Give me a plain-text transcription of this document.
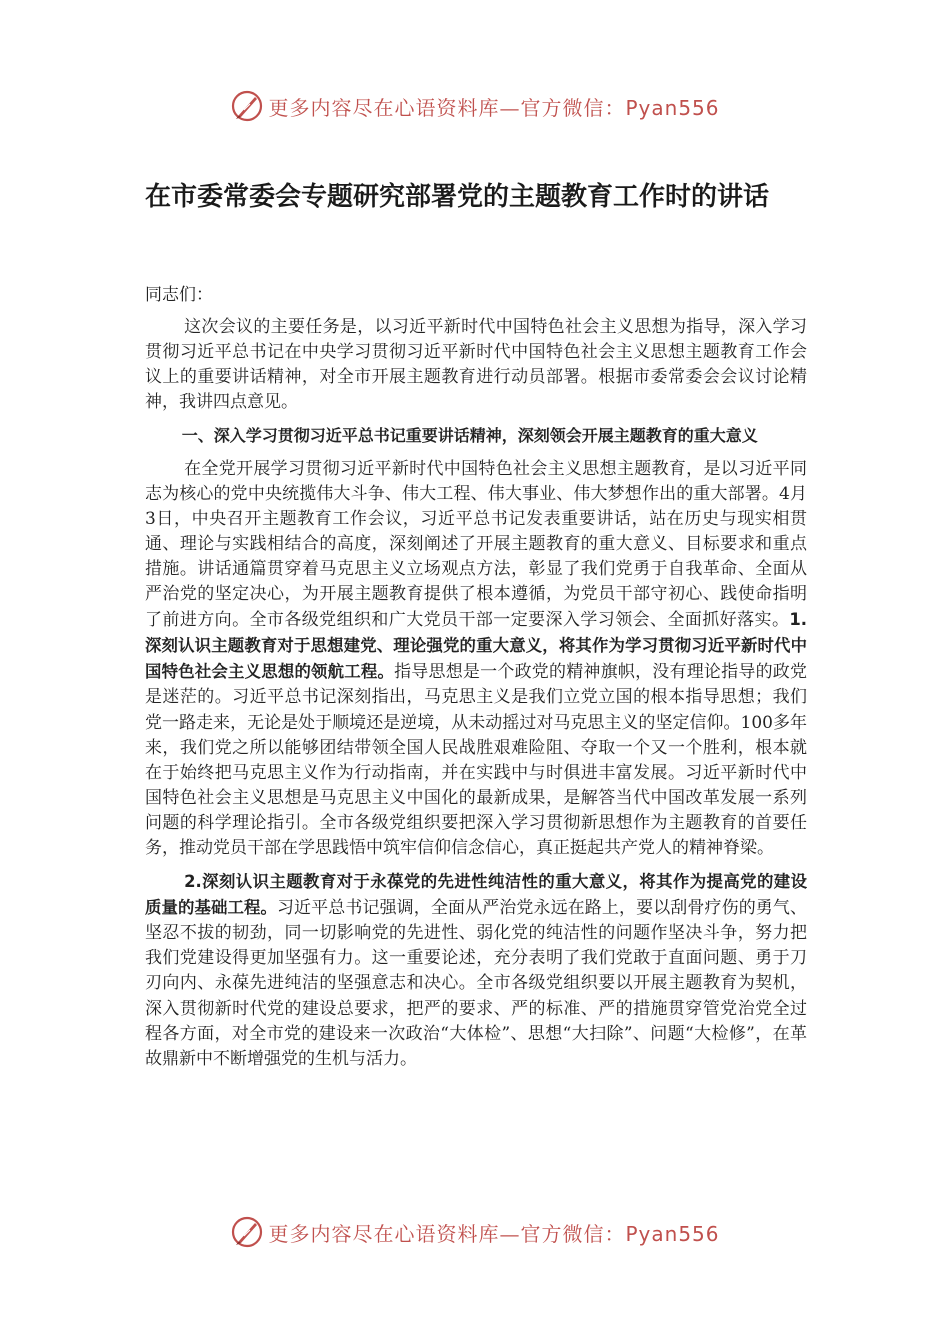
更多内容尽在心语资料库—官方微信：Pyan556
在市委常委会专题研究部署党的主题教育工作时的讲话

同志们：

这次会议的主要任务是，以习近平新时代中国特色社会主义思想为指导，深入学习贯彻习近平总书记在中央学习贯彻习近平新时代中国特色社会主义思想主题教育工作会议上的重要讲话精神，对全市开展主题教育进行动员部署。根据市委常委会会议讨论精神，我讲四点意见。

一、深入学习贯彻习近平总书记重要讲话精神，深刻领会开展主题教育的重大意义

在全党开展学习贯彻习近平新时代中国特色社会主义思想主题教育，是以习近平同志为核心的党中央统揽伟大斗争、伟大工程、伟大事业、伟大梦想作出的重大部署。4月3日，中央召开主题教育工作会议，习近平总书记发表重要讲话，站在历史与现实相贯通、理论与实践相结合的高度，深刻阐述了开展主题教育的重大意义、目标要求和重点措施。讲话通篇贯穿着马克思主义立场观点方法，彰显了我们党勇于自我革命、全面从严治党的坚定决心，为开展主题教育提供了根本遵循，为党员干部守初心、践使命指明了前进方向。全市各级党组织和广大党员干部一定要深入学习领会、全面抓好落实。1.深刻认识主题教育对于思想建党、理论强党的重大意义，将其作为学习贯彻习近平新时代中国特色社会主义思想的领航工程。指导思想是一个政党的精神旗帜，没有理论指导的政党是迷茫的。习近平总书记深刻指出，马克思主义是我们立党立国的根本指导思想；我们党一路走来，无论是处于顺境还是逆境，从未动摇过对马克思主义的坚定信仰。100多年来，我们党之所以能够团结带领全国人民战胜艰难险阻、夺取一个又一个胜利，根本就在于始终把马克思主义作为行动指南，并在实践中与时俱进丰富发展。习近平新时代中国特色社会主义思想是马克思主义中国化的最新成果，是解答当代中国改革发展一系列问题的科学理论指引。全市各级党组织要把深入学习贯彻新思想作为主题教育的首要任务，推动党员干部在学思践悟中筑牢信仰信念信心，真正挺起共产党人的精神脊梁。

2.深刻认识主题教育对于永葆党的先进性纯洁性的重大意义，将其作为提高党的建设质量的基础工程。习近平总书记强调，全面从严治党永远在路上，要以刮骨疗伤的勇气、坚忍不拔的韧劲，同一切影响党的先进性、弱化党的纯洁性的问题作坚决斗争，努力把我们党建设得更加坚强有力。这一重要论述，充分表明了我们党敢于直面问题、勇于刀刃向内、永葆先进纯洁的坚强意志和决心。全市各级党组织要以开展主题教育为契机，深入贯彻新时代党的建设总要求，把严的要求、严的标准、严的措施贯穿管党治党全过程各方面，对全市党的建设来一次政治“大体检”、思想“大扫除”、问题“大检修”，在革故鼎新中不断增强党的生机与活力。

更多内容尽在心语资料库—官方微信：Pyan556
